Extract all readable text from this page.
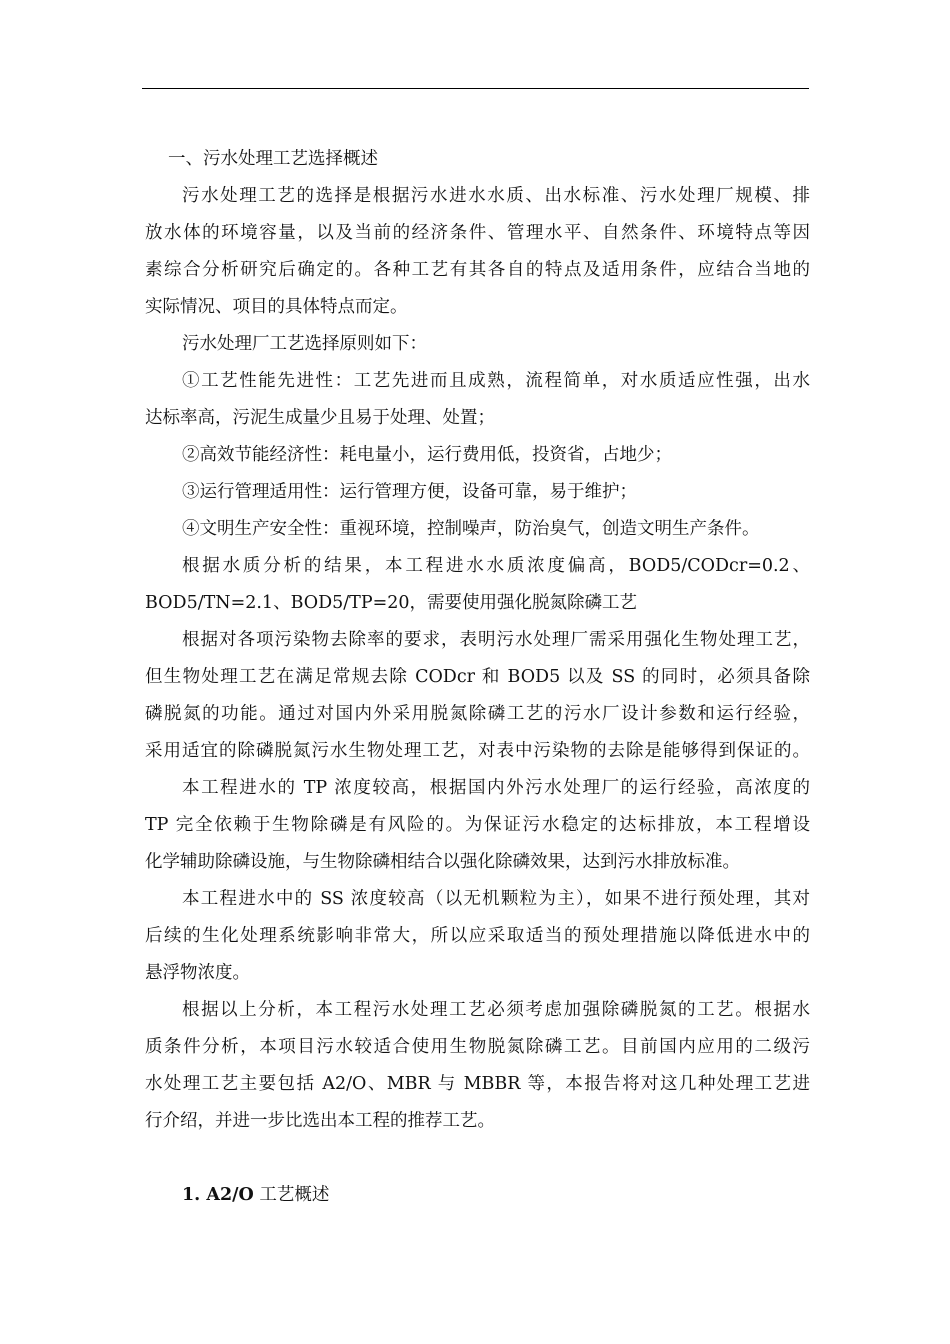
一、污水处理工艺选择概述
污水处理工艺的选择是根据污水进水水质、出水标准、污水处理厂规模、排
放水体的环境容量，以及当前的经济条件、管理水平、自然条件、环境特点等因
素综合分析研究后确定的。各种工艺有其各自的特点及适用条件，应结合当地的
实际情况、项目的具体特点而定。
污水处理厂工艺选择原则如下：
①工艺性能先进性：工艺先进而且成熟，流程简单，对水质适应性强，出水
达标率高，污泥生成量少且易于处理、处置；
②高效节能经济性：耗电量小，运行费用低，投资省，占地少；
③运行管理适用性：运行管理方便，设备可靠，易于维护；
④文明生产安全性：重视环境，控制噪声，防治臭气，创造文明生产条件。
根据水质分析的结果，本工程进水水质浓度偏高，BOD5/CODcr=0.2、
BOD5/TN=2.1、BOD5/TP=20，需要使用强化脱氮除磷工艺
根据对各项污染物去除率的要求，表明污水处理厂需采用强化生物处理工艺，
但生物处理工艺在满足常规去除 CODcr 和 BOD5 以及 SS 的同时，必须具备除
磷脱氮的功能。通过对国内外采用脱氮除磷工艺的污水厂设计参数和运行经验，
采用适宜的除磷脱氮污水生物处理工艺，对表中污染物的去除是能够得到保证的。
本工程进水的 TP 浓度较高，根据国内外污水处理厂的运行经验，高浓度的
TP 完全依赖于生物除磷是有风险的。为保证污水稳定的达标排放，本工程增设
化学辅助除磷设施，与生物除磷相结合以强化除磷效果，达到污水排放标准。
本工程进水中的 SS 浓度较高（以无机颗粒为主），如果不进行预处理，其对
后续的生化处理系统影响非常大，所以应采取适当的预处理措施以降低进水中的
悬浮物浓度。
根据以上分析，本工程污水处理工艺必须考虑加强除磷脱氮的工艺。根据水
质条件分析，本项目污水较适合使用生物脱氮除磷工艺。目前国内应用的二级污
水处理工艺主要包括 A2/O、MBR 与 MBBR 等，本报告将对这几种处理工艺进
行介绍，并进一步比选出本工程的推荐工艺。
1. A2/O 工艺概述
